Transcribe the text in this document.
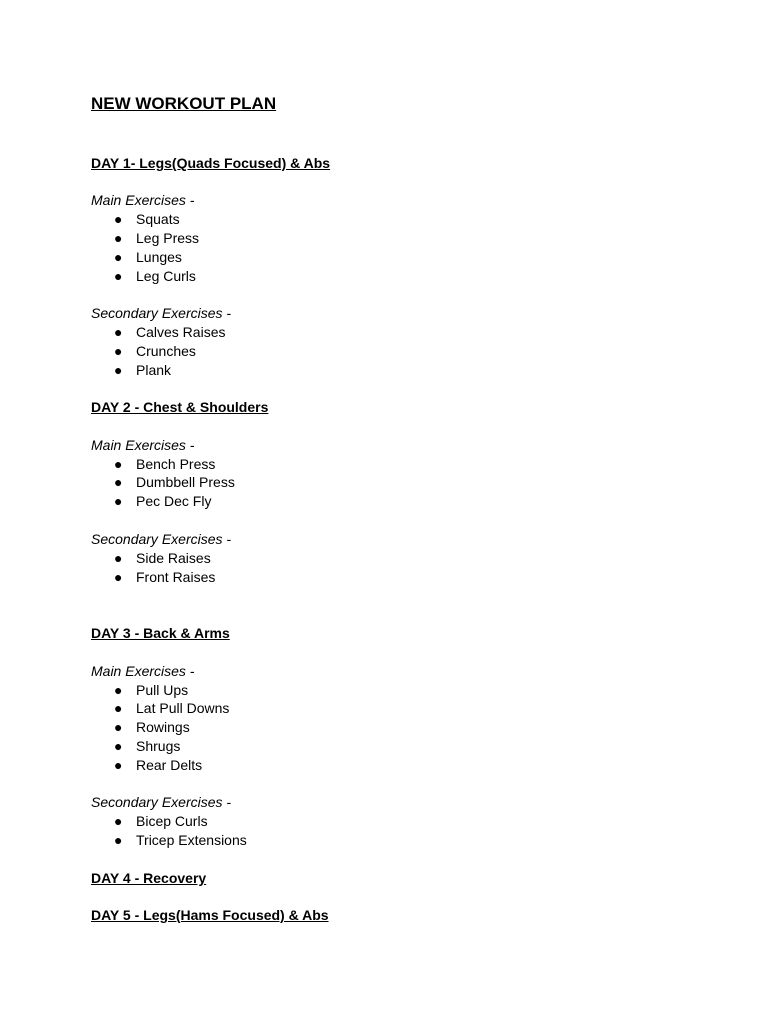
NEW WORKOUT PLAN
DAY 1- Legs(Quads Focused) & Abs
Main Exercises -
● Squats
● Leg Press
● Lunges
● Leg Curls
Secondary Exercises -
● Calves Raises
● Crunches
● Plank
DAY 2 - Chest & Shoulders
Main Exercises -
● Bench Press
● Dumbbell Press
● Pec Dec Fly
Secondary Exercises -
● Side Raises
● Front Raises
DAY 3 - Back & Arms
Main Exercises -
● Pull Ups
● Lat Pull Downs
● Rowings
● Shrugs
● Rear Delts
Secondary Exercises -
● Bicep Curls
● Tricep Extensions
DAY 4 - Recovery
DAY 5 - Legs(Hams Focused) & Abs
